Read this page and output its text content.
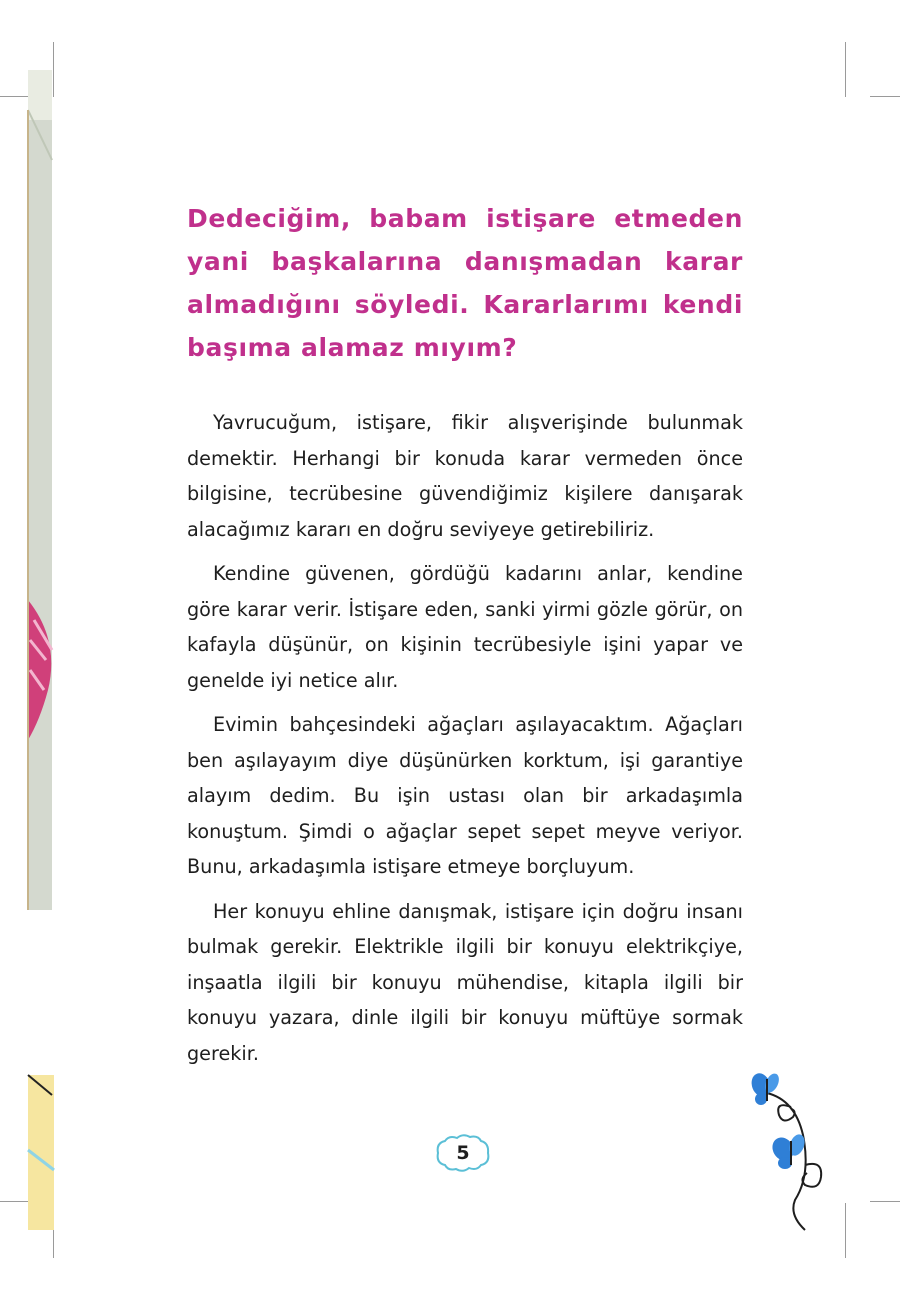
Dedeciğim, babam istişare etmeden yani başkalarına danışmadan karar almadığını söyledi. Kararlarımı kendi başıma alamaz mıyım?

Yavrucuğum, istişare, fikir alışverişinde bulunmak demektir. Herhangi bir konuda karar vermeden önce bilgisine, tecrübesine güvendiğimiz kişilere danışarak alacağımız kararı en doğru seviyeye getirebiliriz.

Kendine güvenen, gördüğü kadarını anlar, kendine göre karar verir. İstişare eden, sanki yirmi gözle görür, on kafayla düşünür, on kişinin tecrübesiyle işini yapar ve genelde iyi netice alır.

Evimin bahçesindeki ağaçları aşılayacaktım. Ağaçları ben aşılayayım diye düşünürken korktum, işi garantiye alayım dedim. Bu işin ustası olan bir arkadaşımla konuştum. Şimdi o ağaçlar sepet sepet meyve veriyor. Bunu, arkadaşımla istişare etmeye borçluyum.

Her konuyu ehline danışmak, istişare için doğru insanı bulmak gerekir. Elektrikle ilgili bir konuyu elektrikçiye, inşaatla ilgili bir konuyu mühendise, kitapla ilgili bir konuyu yazara, dinle ilgili bir konuyu müftüye sormak gerekir.

5
